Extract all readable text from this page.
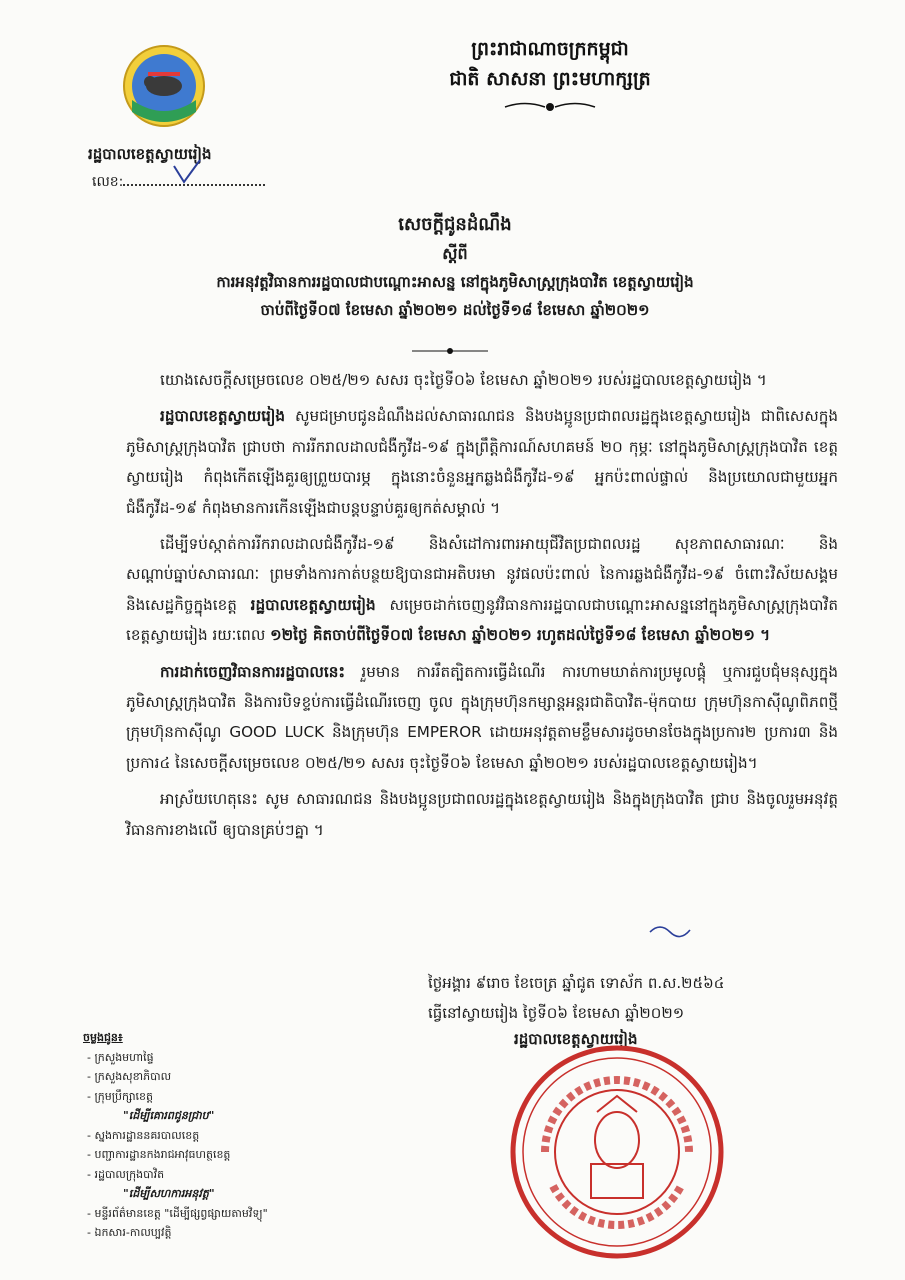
ព្រះរាជាណាចក្រកម្ពុជា
ជាតិ សាសនា ព្រះមហាក្សត្រ
រដ្ឋបាលខេត្តស្វាយរៀង
លេខ:
សេចក្តីជូនដំណឹង
ស្តីពី
ការអនុវត្តវិធានការរដ្ឋបាលជាបណ្តោះអាសន្ន នៅក្នុងភូមិសាស្ត្រក្រុងបាវិត ខេត្តស្វាយរៀង
ចាប់ពីថ្ងៃទី០៧ ខែមេសា ឆ្នាំ២០២១ ដល់ថ្ងៃទី១៨ ខែមេសា ឆ្នាំ២០២១

យោងសេចក្តីសម្រេចលេខ ០២៥/២១ សសរ ចុះថ្ងៃទី០៦ ខែមេសា ឆ្នាំ២០២១ របស់រដ្ឋបាលខេត្តស្វាយរៀង ។

រដ្ឋបាលខេត្តស្វាយរៀង សូមជម្រាបជូនដំណឹងដល់សាធារណជន និងបងប្អូនប្រជាពលរដ្ឋក្នុងខេត្តស្វាយរៀង ជាពិសេសក្នុងភូមិសាស្ត្រក្រុងបាវិត ជ្រាបថា ការរីករាលដាលជំងឺកូវីដ-១៩ ក្នុងព្រឹត្តិការណ៍សហគមន៍ ២០ កុម្ភៈ នៅក្នុងភូមិសាស្ត្រក្រុងបាវិត ខេត្តស្វាយរៀង កំពុងកើតឡើងគួរឲ្យព្រួយបារម្ភ ក្នុងនោះចំនួនអ្នកឆ្លងជំងឺកូវីដ-១៩ អ្នកប៉ះពាល់ផ្ទាល់ និងប្រយោលជាមួយអ្នកជំងឺកូវីដ-១៩ កំពុងមានការកើនឡើងជាបន្តបន្ទាប់គួរឲ្យកត់សម្គាល់ ។

ដើម្បីទប់ស្កាត់ការរីករាលដាលជំងឺកូវីដ-១៩ និងសំដៅការពារអាយុជីវិតប្រជាពលរដ្ឋ សុខភាពសាធារណៈ និងសណ្តាប់ធ្នាប់សាធារណៈ ព្រមទាំងការកាត់បន្ថយឱ្យបានជាអតិបរមា នូវផលប៉ះពាល់ នៃការឆ្លងជំងឺកូវីដ-១៩ ចំពោះវិស័យសង្គម និងសេដ្ឋកិច្ចក្នុងខេត្ត រដ្ឋបាលខេត្តស្វាយរៀង សម្រេចដាក់ចេញនូវវិធានការរដ្ឋបាលជាបណ្តោះអាសន្ននៅក្នុងភូមិសាស្ត្រក្រុងបាវិត ខេត្តស្វាយរៀង រយៈពេល ១២ថ្ងៃ គិតចាប់ពីថ្ងៃទី០៧ ខែមេសា ឆ្នាំ២០២១ រហូតដល់ថ្ងៃទី១៨ ខែមេសា ឆ្នាំ២០២១ ។

ការដាក់ចេញវិធានការរដ្ឋបាលនេះ រួមមាន ការរឹតត្បិតការធ្វើដំណើរ ការហាមឃាត់ការប្រមូលផ្តុំ ឬការជួបជុំមនុស្សក្នុងភូមិសាស្ត្រក្រុងបាវិត និងការបិទខ្ទប់ការធ្វើដំណើរចេញ ចូល ក្នុងក្រុមហ៊ុនកម្សាន្តអន្តរជាតិបាវិត-ម៉ុកបាយ ក្រុមហ៊ុនកាស៊ីណូពិភពថ្មី ក្រុមហ៊ុនកាស៊ីណូ GOOD LUCK និងក្រុមហ៊ុន EMPEROR ដោយអនុវត្តតាមខ្លឹមសារដូចមានចែងក្នុងប្រការ២ ប្រការ៣ និងប្រការ៤ នៃសេចក្តីសម្រេចលេខ ០២៥/២១ សសរ ចុះថ្ងៃទី០៦ ខែមេសា ឆ្នាំ២០២១ របស់រដ្ឋបាលខេត្តស្វាយរៀង។

អាស្រ័យហេតុនេះ សូម សាធារណជន និងបងប្អូនប្រជាពលរដ្ឋក្នុងខេត្តស្វាយរៀង និងក្នុងក្រុងបាវិត ជ្រាប និងចូលរួមអនុវត្តវិធានការខាងលើ ឲ្យបានគ្រប់ៗគ្នា ។

ថ្ងៃអង្គារ ៩រោច ខែចេត្រ ឆ្នាំជូត ទោស័ក ព.ស.២៥៦៤
ធ្វើនៅស្វាយរៀង ថ្ងៃទី០៦ ខែមេសា ឆ្នាំ២០២១
រដ្ឋបាលខេត្តស្វាយរៀង
ចម្លងជូន៖
- ក្រសួងមហាផ្ទៃ
- ក្រសួងសុខាភិបាល
- ក្រុមប្រឹក្សាខេត្ត
"ដើម្បីគោរពជូនជ្រាប"
- ស្នងការដ្ឋាននគរបាលខេត្ត
- បញ្ជាការដ្ឋានកងរាជអាវុធហត្ថខេត្ត
- រដ្ឋបាលក្រុងបាវិត
"ដើម្បីសហការអនុវត្ត"
- មន្ទីរព័ត៌មានខេត្ត "ដើម្បីផ្សព្វផ្សាយតាមវិទ្យុ"
- ឯកសារ-កាលប្បវត្តិ
